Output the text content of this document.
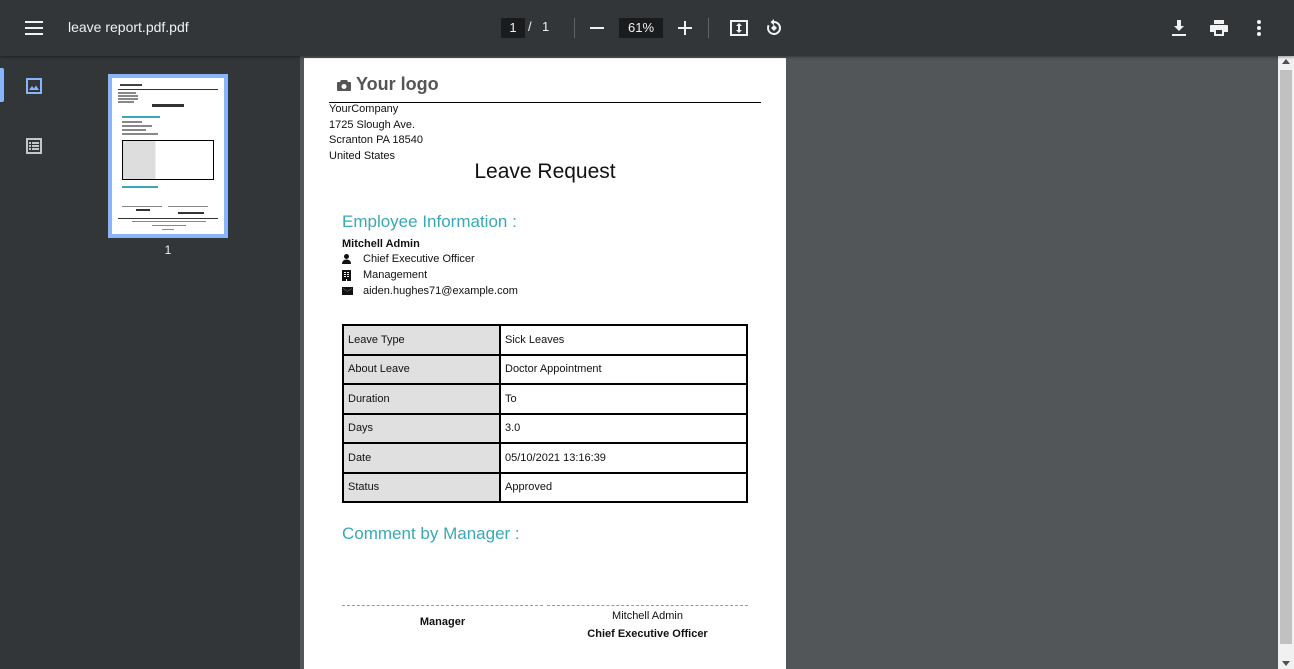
leave report.pdf.pdf	1 / 1	61%
1
Your logo
YourCompany
1725 Slough Ave.
Scranton PA 18540
United States
Leave Request
Employee Information :
Mitchell Admin
Chief Executive Officer
Management
aiden.hughes71@example.com
Leave Type	Sick Leaves
About Leave	Doctor Appointment
Duration	To
Days	3.0
Date	05/10/2021 13:16:39
Status	Approved
Comment by Manager :
Manager	Mitchell Admin
Chief Executive Officer
